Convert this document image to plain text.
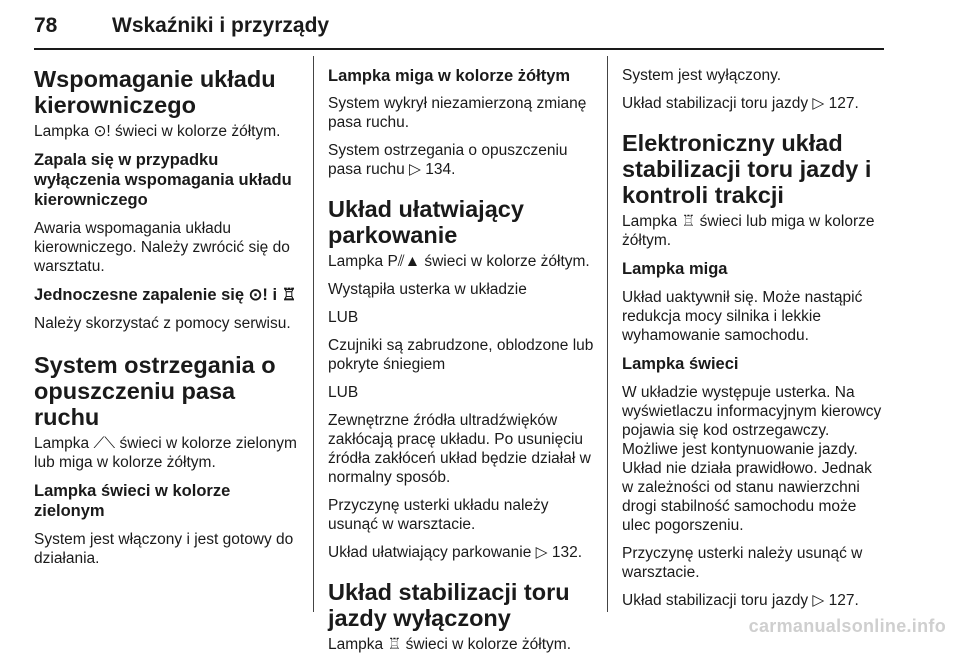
78	Wskaźniki i przyrządy
Wspomaganie układu kierowniczego

Lampka ⊙! świeci w kolorze żółtym.

Zapala się w przypadku wyłączenia wspomagania układu kierowniczego

Awaria wspomagania układu kierowniczego. Należy zwrócić się do warsztatu.

Jednoczesne zapalenie się ⊙! i ♖

Należy skorzystać z pomocy serwisu.

System ostrzegania o opuszczeniu pasa ruchu

Lampka ⟋⟍ świeci w kolorze zielonym lub miga w kolorze żółtym.

Lampka świeci w kolorze zielonym

System jest włączony i jest gotowy do działania.

Lampka miga w kolorze żółtym

System wykrył niezamierzoną zmianę pasa ruchu.

System ostrzegania o opuszczeniu pasa ruchu ▷ 134.

Układ ułatwiający parkowanie

Lampka P⫽▲ świeci w kolorze żółtym.

Wystąpiła usterka w układzie

LUB

Czujniki są zabrudzone, oblodzone lub pokryte śniegiem

LUB

Zewnętrzne źródła ultradźwięków zakłócają pracę układu. Po usunięciu źródła zakłóceń układ będzie działał w normalny sposób.

Przyczynę usterki układu należy usunąć w warsztacie.

Układ ułatwiający parkowanie ▷ 132.

Układ stabilizacji toru jazdy wyłączony

Lampka ♖ świeci w kolorze żółtym.

System jest wyłączony.

Układ stabilizacji toru jazdy ▷ 127.

Elektroniczny układ stabilizacji toru jazdy i kontroli trakcji

Lampka ♖ świeci lub miga w kolorze żółtym.

Lampka miga

Układ uaktywnił się. Może nastąpić redukcja mocy silnika i lekkie wyhamowanie samochodu.

Lampka świeci

W układzie występuje usterka. Na wyświetlaczu informacyjnym kierowcy pojawia się kod ostrzegawczy. Możliwe jest kontynuowanie jazdy. Układ nie działa prawidłowo. Jednak w zależności od stanu nawierzchni drogi stabilność samochodu może ulec pogorszeniu.

Przyczynę usterki należy usunąć w warsztacie.

Układ stabilizacji toru jazdy ▷ 127.

carmanualsonline.info
